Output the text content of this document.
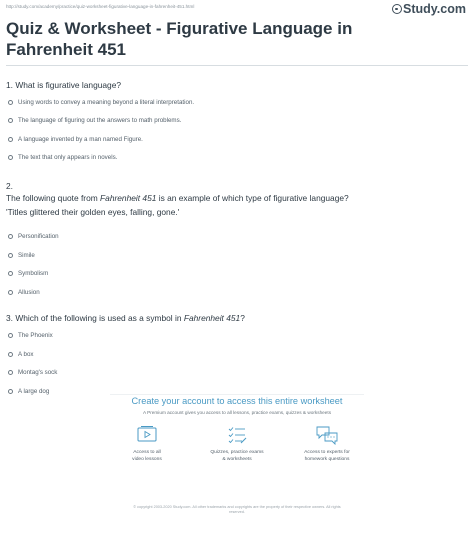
http://study.com/academy/practice/quiz-worksheet-figurative-language-in-fahrenheit-451.html	Study.com
Quiz & Worksheet - Figurative Language in Fahrenheit 451
1. What is figurative language?
Using words to convey a meaning beyond a literal interpretation.
The language of figuring out the answers to math problems.
A language invented by a man named Figure.
The text that only appears in novels.
2.
The following quote from Fahrenheit 451 is an example of which type of figurative language?
'Titles glittered their golden eyes, falling, gone.'
Personification
Simile
Symbolism
Allusion
3. Which of the following is used as a symbol in Fahrenheit 451?
The Phoenix
A box
Montag's sock
A large dog
Create your account to access this entire worksheet
A Premium account gives you access to all lessons, practice exams, quizzes & worksheets
Access to all
video lessons
Quizzes, practice exams
& worksheets
Access to experts for
homework questions
© copyright 2003-2020 Study.com. All other trademarks and copyrights are the property of their respective owners. All rights
reserved.
